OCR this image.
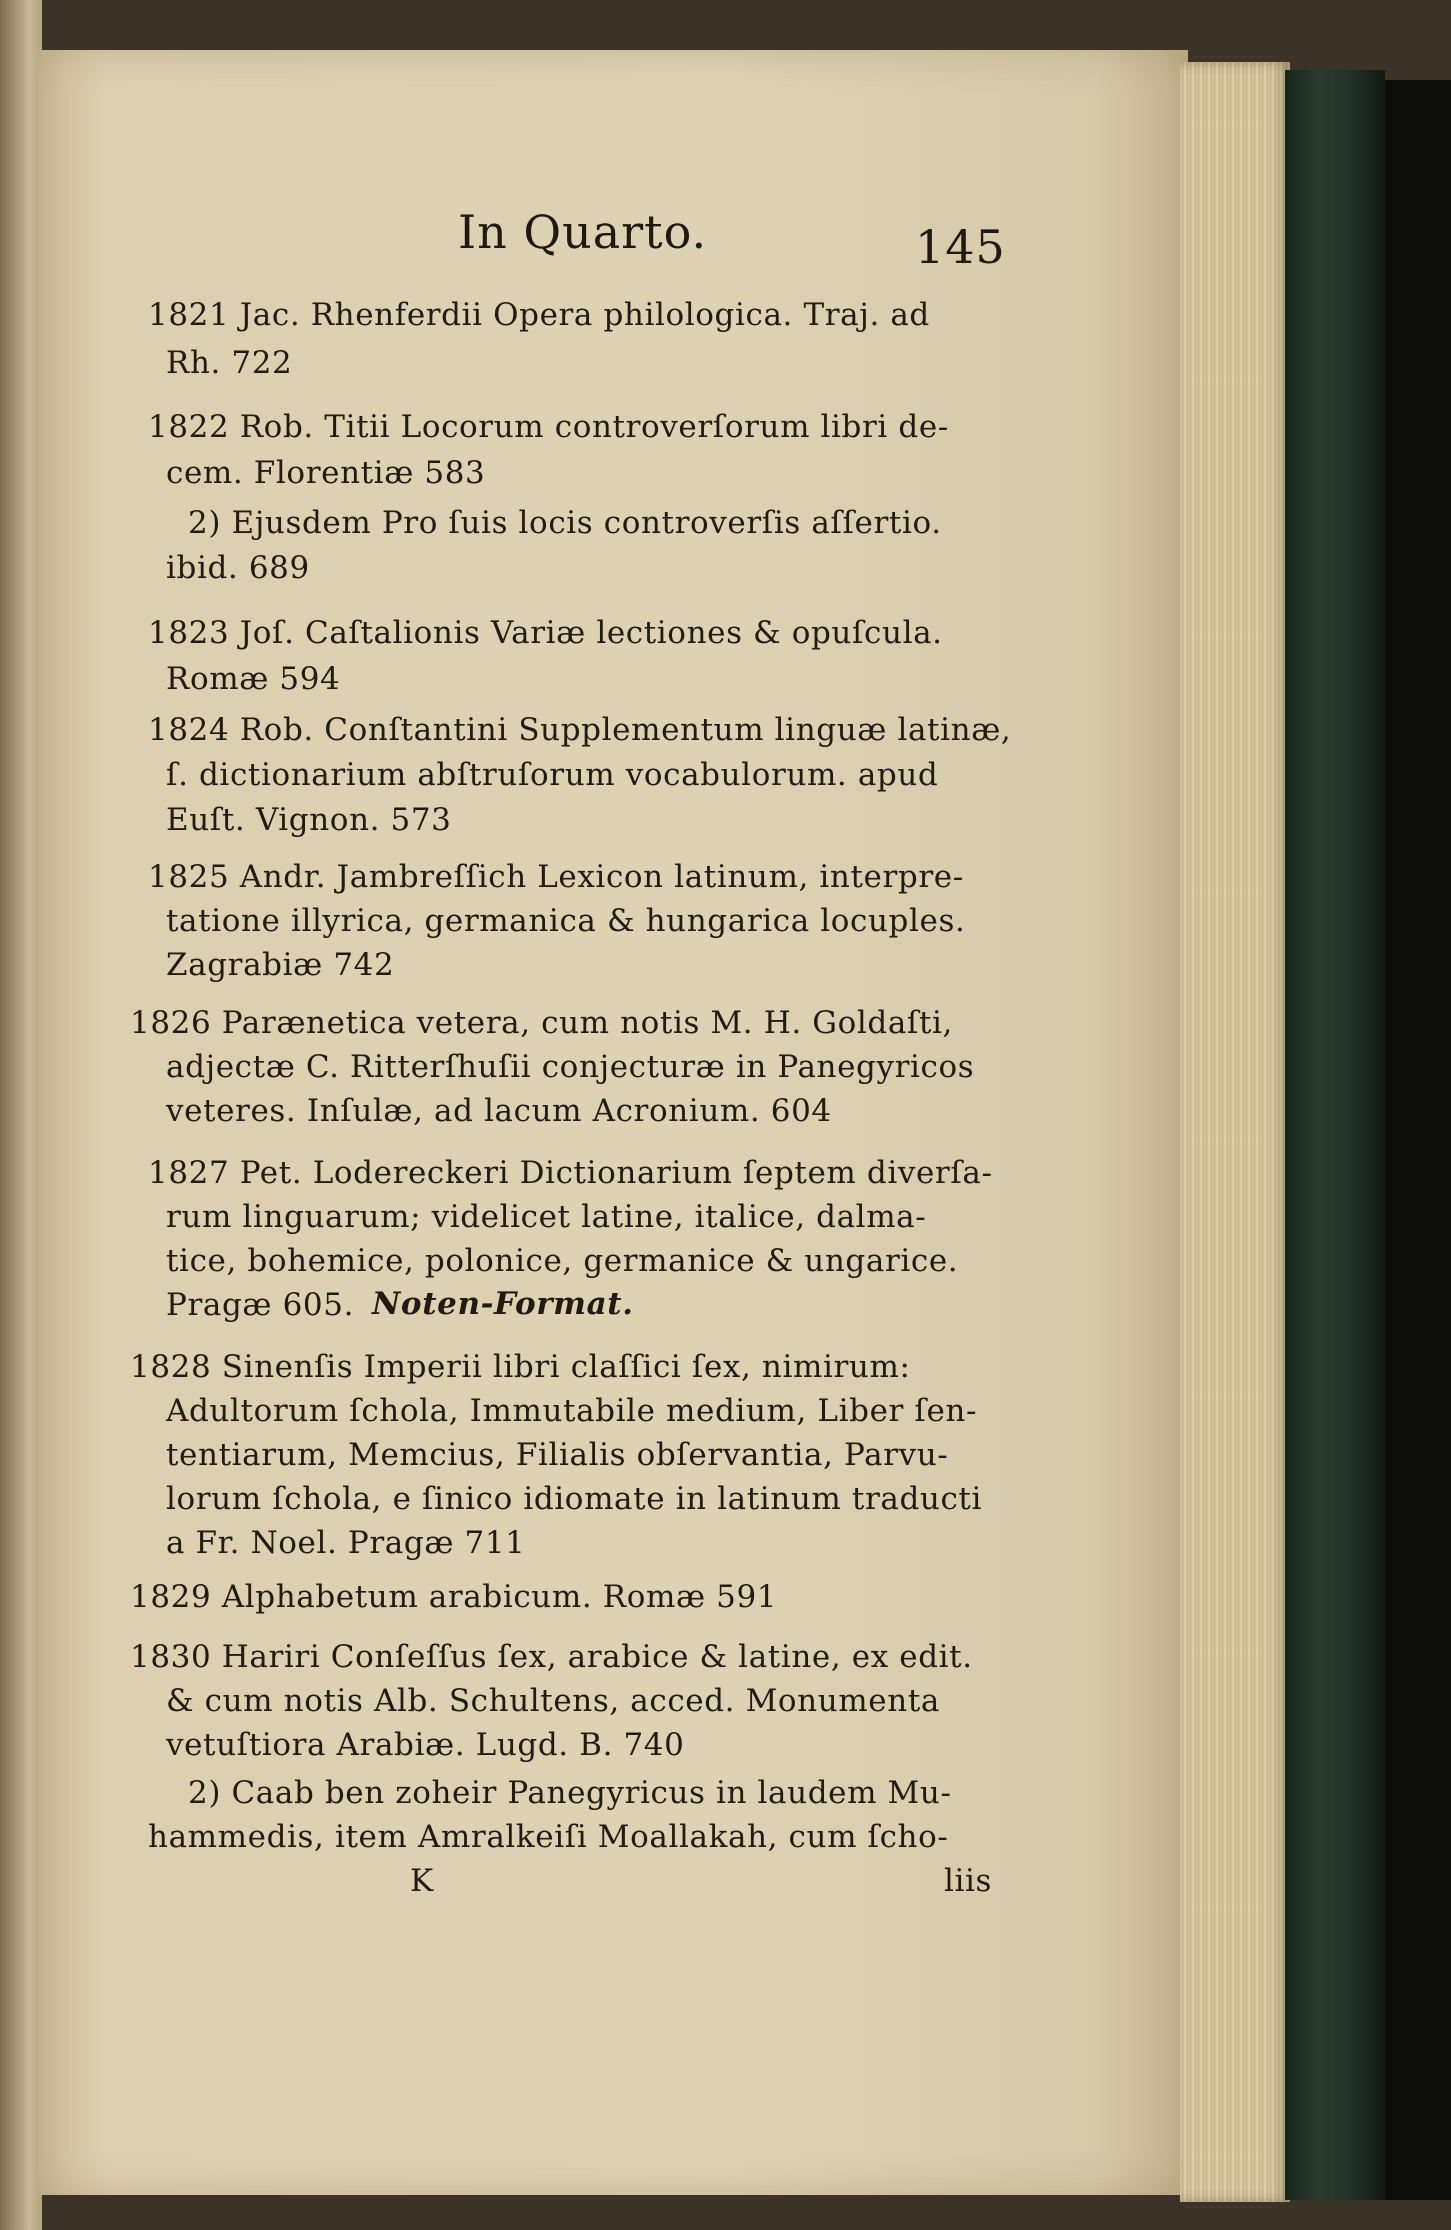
In Quarto.	145
1821 Jac. Rhenferdii Opera philologica. Traj. ad
Rh. 722
1822 Rob. Titii Locorum controverſorum libri de-
cem. Florentiæ 583
2) Ejusdem Pro ſuis locis controverſis aſſertio.
ibid. 689
1823 Joſ. Caſtalionis Variæ lectiones & opuſcula.
Romæ 594
1824 Rob. Conſtantini Supplementum linguæ latinæ,
ſ. dictionarium abſtruſorum vocabulorum. apud
Euſt. Vignon. 573
1825 Andr. Jambreſſich Lexicon latinum, interpre-
tatione illyrica, germanica & hungarica locuples.
Zagrabiæ 742
1826 Parænetica vetera, cum notis M. H. Goldaſti,
adjectæ C. Ritterſhuſii conjecturæ in Panegyricos
veteres. Inſulæ, ad lacum Acronium. 604
1827 Pet. Lodereckeri Dictionarium ſeptem diverſa-
rum linguarum; videlicet latine, italice, dalma-
tice, bohemice, polonice, germanice & ungarice.
Pragæ 605. Noten-Format.
1828 Sinenſis Imperii libri claſſici ſex, nimirum:
Adultorum ſchola, Immutabile medium, Liber ſen-
tentiarum, Memcius, Filialis obſervantia, Parvu-
lorum ſchola, e ſinico idiomate in latinum traducti
a Fr. Noel. Pragæ 711
1829 Alphabetum arabicum. Romæ 591
1830 Hariri Conſeſſus ſex, arabice & latine, ex edit.
& cum notis Alb. Schultens, acced. Monumenta
vetuſtiora Arabiæ. Lugd. B. 740
2) Caab ben zoheir Panegyricus in laudem Mu-
hammedis, item Amralkeiſi Moallakah, cum ſcho-
K	liis
